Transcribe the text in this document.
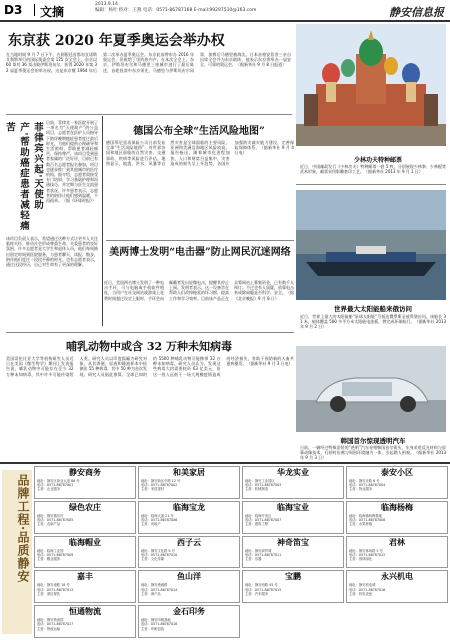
D3 文摘
2013.9.14
编辑：杨叶 校对：王燕 电话：0571-86787168 E-mail:99297510@163.com	静安信息报
东京获 2020 年夏季奥运会举办权
在当地时间 9 月 7 日下午，在阿根廷首都布宜诺斯艾利斯举行的国际奥委会第 125 次全会上，东京以 60 票对 36 票击败伊斯坦布尔，获得 2020 年第 32 届夏季奥运会的举办权。这是东京继 1964 年后第二次举办夏季奥运会。东京此前曾申办 2016 年奥运会，但败给了里约热内卢。在本次全会上，东京、伊斯坦布尔和马德里三座城市进行了最后陈述，首轮投票中东京领先，马德里与伊斯坦布尔同票，加赛后马德里被淘汰。日本首相安倍晋三亲自出席全会并为东京助阵，他表示东京将举办一届安全、可靠的奥运会。（据新华社 9 月 8 日报道）
少林功夫特种邮票
近日，中国邮政发行《少林功夫》特种邮票一套 5 枚，分别展现少林拳、少林棍等武术形象，邮票采用影雕套印工艺。（据新华社 2013 年 9 月 1 日）
菲律宾兴起'天使助产'帮助癌症患者减轻痛苦	日前，菲律宾一家医院开展了一项名为“天使助产”的公益项目，志愿者在医护人员指导下陪伴晚期癌症患者度过最后时光，为他们提供心理疏导和生活照料，帮助患者减轻痛苦、保持尊严。该项目受到患者家属的广泛好评，目前已有数百名志愿者报名参加，项目也逐步推广到其他城市的医疗机构。据介绍，志愿者需接受专门培训，学习基础护理和沟通技巧，并定期与医生交流患者状况。许多患者表示，志愿者的陪伴让他们感到温暖，不再孤单。（据《环球时报》）
该项目负责人表示，希望通过这种方式让更多人关注临终关怀，推动社会形成尊重生命、关爱患者的良好氛围。许多志愿者是大学生和退休人员，他们每周抽出固定时间到医院服务，与患者聊天、读报、散步，陪伴他们度过一段段平静的时光。也有志愿者表示，通过这段经历，自己对生命有了更深的理解。
德国公布全球“生活风险地图”
德国慕尼黑再保险公司日前发布全球“生活风险地图”，对世界各国和地区面临的自然灾害、交通事故、疾病等风险进行评估。地图显示，地震、洪水、风暴等自然灾害是全球面临的主要风险，亚洲和美洲沿海地区风险较高。报告指出，随着城市化进程加快，人口和财富日益集中，灾害造成的损失呈上升趋势，各国应加强防灾减灾能力建设，完善保险保障体系。（据新华社 9 月 4 日电）
世界最大太阳能船来俄访问
近日，世界上最大的太阳能船“星球太阳能”号抵达俄罗斯圣彼得堡访问。该船长 31 米，船体覆盖 500 多平方米太阳能电池板，曾完成环球航行。（据新华社 2013 年 9 月 2 日）
美两博士发明“电击器”防止网民沉迷网络
近日，美国两名博士发明了一种电击手环，可与电脑或手机软件相连，当用户在社交网站或游戏上花费时间超过设定上限时，手环会向佩戴者发出轻微电击，提醒其停止上网。发明者表示，这一设备旨在帮助人们改掉拖延的坏习惯，提高工作和学习效率。目前该产品正在众筹网站上募集资金，已有数千人预订。不过也有人质疑，依靠电击来戒除网瘾是否科学、安全。（据《北京晚报》9 月 8 日）
哺乳动物中或含 32 万种未知病毒
美国哥伦比亚大学等机构研究人员近日在美国《微生物学》期刊上发表报告说，哺乳动物中可能存在至少 32 万种未知病毒，其中许多可能传染给人类。研究人员以印度狐蝠为研究对象，从其粪便、尿液和唾液样本中检测出 55 种病毒，其中 50 种为首次发现。研究人员据此推算，全球已知的约 5500 种哺乳动物可能携带 32 万种未知病毒。研究人员认为，发现这些病毒大约需要耗资 63 亿美元，但这一投入远低于一场大规模疫情造成的经济损失，有助于预防新的人畜共患病暴发。（据新华社 9 月 3 日电）
韩国首尔惊现透明汽车
日前，一辆经过特殊涂装的“透明”汽车亮相韩国首尔街头，车身采用反光材料与屏幕成像技术，行驶时仿佛与周围环境融为一体，引起路人围观。（据新华社 2013 年 9 月 3 日）
品牌工程·品质静安
静安商务
地址：静安区商业大道 88 号
电话：0571-86787001
主营：企业服务
和美家居
地址：静安新区中路 12 号
电话：0571-86787002
主营：家居建材
华龙实业
地址：静安工业园区
电话：0571-86787003
主营：机械制造
泰安小区
地址：静安北路 6 号
电话：0571-86787004
主营：物业服务
绿色农庄
地址：静安镇东村
电话：0571-86787005
主营：农副产品
临海宝龙
地址：临海大道 21 号
电话：0571-86787006
主营：房地产
临海宝业
地址：临海开发区
电话：0571-86787007
主营：建筑工程
临海杨梅
地址：临海镇杨梅基地
电话：0571-86787008
主营：水果种植
临海帽业
地址：临海工业园
电话：0571-86787009
主营：帽业服饰
西子云
地址：静安文化路 9 号
电话：0571-86787010
主营：文化传媒
神奇笛宝
地址：静安商贸城
电话：0571-86787011
主营：乐器
君林
地址：静安林场路 3 号
电话：0571-86787012
主营：园林绿化
嘉丰
地址：静安南路 18 号
电话：0571-86787013
主营：酒店餐饮
鱼山洋
地址：静安渔港路
电话：0571-86787014
主营：海产品
宝鹏
地址：静安西路 45 号
电话：0571-86787015
主营：汽车服务
永兴机电
地址：静安机电城
电话：0571-86787016
主营：机电设备
恒通物流
地址：静安物流园
电话：0571-86787017
主营：物流运输
金石印务
地址：静安印刷基地
电话：0571-86787018
主营：印刷包装
